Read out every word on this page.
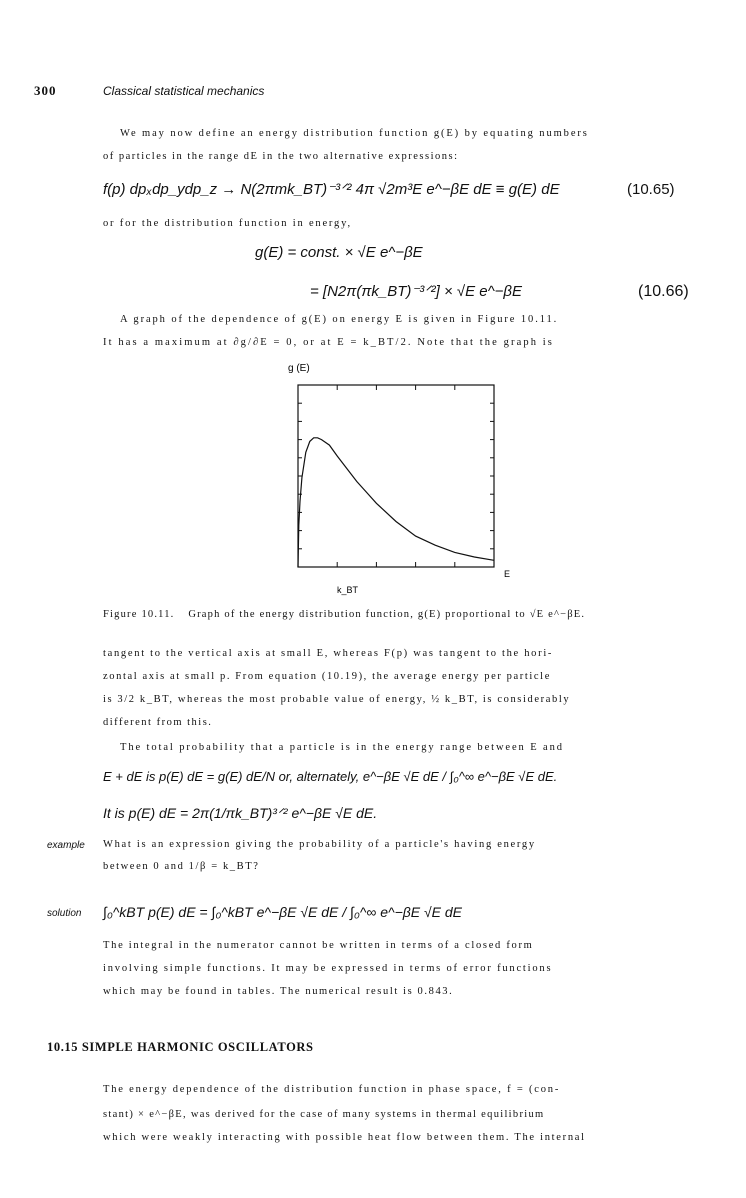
300	Classical statistical mechanics
We may now define an energy distribution function g(E) by equating numbers
of particles in the range dE in the two alternative expressions:
f(p) dpₓdp_ydp_z → N(2πmk_BT)⁻³ᐟ² 4π √2m³E e^−βE dE ≡ g(E) dE	(10.65)
or for the distribution function in energy,
g(E) = const. × √E e^−βE
= [N2π(πk_BT)⁻³ᐟ²] × √E e^−βE	(10.66)
A graph of the dependence of g(E) on energy E is given in Figure 10.11.
It has a maximum at ∂g/∂E = 0, or at E = k_BT/2. Note that the graph is
g (E)
E
k_BT
Figure 10.11. Graph of the energy distribution function, g(E) proportional to √E e^−βE.
tangent to the vertical axis at small E, whereas F(p) was tangent to the hori-
zontal axis at small p. From equation (10.19), the average energy per particle
is 3/2 k_BT, whereas the most probable value of energy, ½ k_BT, is considerably
different from this.
The total probability that a particle is in the energy range between E and
E + dE is p(E) dE = g(E) dE/N or, alternately, e^−βE √E dE / ∫₀^∞ e^−βE √E dE.
It is p(E) dE = 2π(1/πk_BT)³ᐟ² e^−βE √E dE.
example What is an expression giving the probability of a particle's having energy
between 0 and 1/β = k_BT?
solution ∫₀^kBT p(E) dE = ∫₀^kBT e^−βE √E dE / ∫₀^∞ e^−βE √E dE
The integral in the numerator cannot be written in terms of a closed form
involving simple functions. It may be expressed in terms of error functions
which may be found in tables. The numerical result is 0.843.
10.15 SIMPLE HARMONIC OSCILLATORS
The energy dependence of the distribution function in phase space, f = (con-
stant) × e^−βE, was derived for the case of many systems in thermal equilibrium
which were weakly interacting with possible heat flow between them. The internal
